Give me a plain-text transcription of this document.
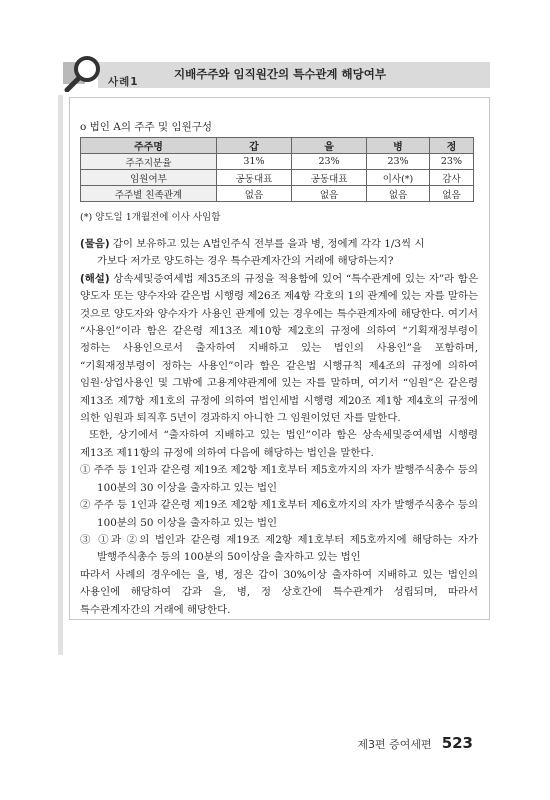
지배주주와 임직원간의 특수관계 해당여부
사례1
o 법인 A의 주주 및 임원구성
주주명	갑	을	병	정
주주지분율	31%	23%	23%	23%
임원여부	공동대표	공동대표	이사(*)	감사
주주별 친족관계	없음	없음	없음	없음
(*) 양도일 1개월전에 이사 사임함

(물음) 갑이 보유하고 있는 A법인주식 전부를 을과 병, 정에게 각각 1/3씩 시

가보다 저가로 양도하는 경우 특수관계자간의 거래에 해당하는지?

(해설) 상속세및증여세법 제35조의 규정을 적용함에 있어 “특수관계에 있는 자”라 함은 양도자 또는 양수자와 같은법 시행령 제26조 제4항 각호의 1의 관계에 있는 자를 말하는 것으로 양도자와 양수자가 사용인 관계에 있는 경우에는 특수관계자에 해당한다. 여기서 “사용인”이라 함은 같은령 제13조 제10항 제2호의 규정에 의하여 “기획재정부령이 정하는 사용인으로서 출자하여 지배하고 있는 법인의 사용인”을 포함하며, “기획재정부령이 정하는 사용인”이라 함은 같은법 시행규칙 제4조의 규정에 의하여 임원·상업사용인 및 그밖에 고용계약관계에 있는 자를 말하며, 여기서 “임원”은 같은령 제13조 제7항 제1호의 규정에 의하여 법인세법 시행령 제20조 제1항 제4호의 규정에 의한 임원과 퇴직후 5년이 경과하지 아니한 그 임원이었던 자를 말한다.

또한, 상기에서 “출자하여 지배하고 있는 법인”이라 함은 상속세및증여세법 시행령 제13조 제11항의 규정에 의하여 다음에 해당하는 법인을 말한다.

① 주주 등 1인과 같은령 제19조 제2항 제1호부터 제5호까지의 자가 발행주식총수 등의 100분의 30 이상을 출자하고 있는 법인

② 주주 등 1인과 같은령 제19조 제2항 제1호부터 제6호까지의 자가 발행주식총수 등의 100분의 50 이상을 출자하고 있는 법인

③ ①과 ②의 법인과 같은령 제19조 제2항 제1호부터 제5호까지에 해당하는 자가 발행주식총수 등의 100분의 50이상을 출자하고 있는 법인

따라서 사례의 경우에는 을, 병, 정은 갑이 30%이상 출자하여 지배하고 있는 법인의 사용인에 해당하여 갑과 을, 병, 정 상호간에 특수관계가 성립되며, 따라서 특수관계자간의 거래에 해당한다.

제3편 증여세편 523
